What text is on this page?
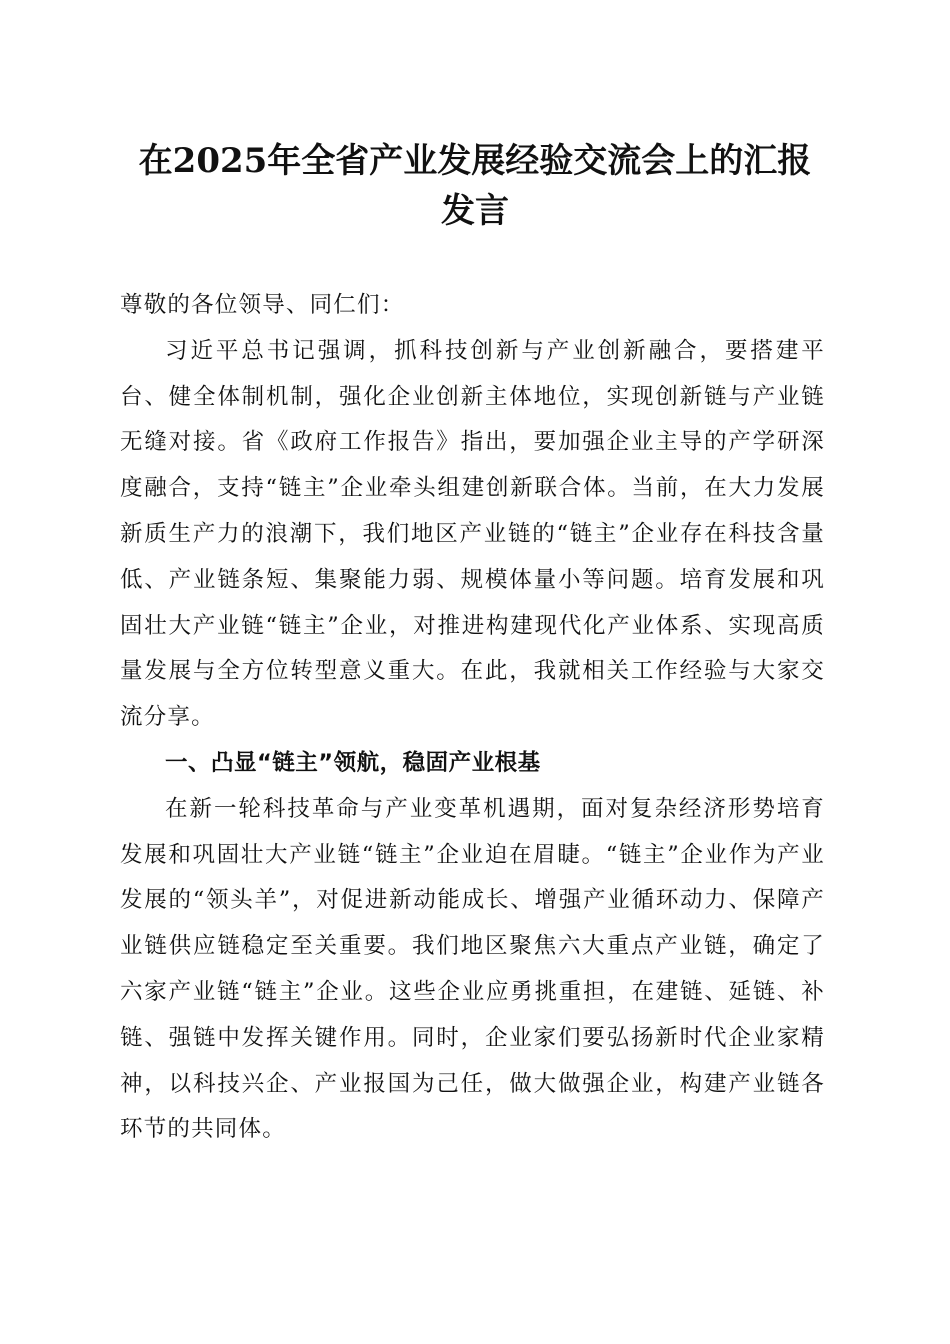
在2025年全省产业发展经验交流会上的汇报
发言

尊敬的各位领导、同仁们：

习近平总书记强调，抓科技创新与产业创新融合，要搭建平台、健全体制机制，强化企业创新主体地位，实现创新链与产业链无缝对接。省《政府工作报告》指出，要加强企业主导的产学研深度融合，支持“链主”企业牵头组建创新联合体。当前，在大力发展新质生产力的浪潮下，我们地区产业链的“链主”企业存在科技含量低、产业链条短、集聚能力弱、规模体量小等问题。培育发展和巩固壮大产业链“链主”企业，对推进构建现代化产业体系、实现高质量发展与全方位转型意义重大。在此，我就相关工作经验与大家交流分享。

一、凸显“链主”领航，稳固产业根基

在新一轮科技革命与产业变革机遇期，面对复杂经济形势培育发展和巩固壮大产业链“链主”企业迫在眉睫。“链主”企业作为产业发展的“领头羊”，对促进新动能成长、增强产业循环动力、保障产业链供应链稳定至关重要。我们地区聚焦六大重点产业链，确定了六家产业链“链主”企业。这些企业应勇挑重担，在建链、延链、补链、强链中发挥关键作用。同时，企业家们要弘扬新时代企业家精神，以科技兴企、产业报国为己任，做大做强企业，构建产业链各环节的共同体。
